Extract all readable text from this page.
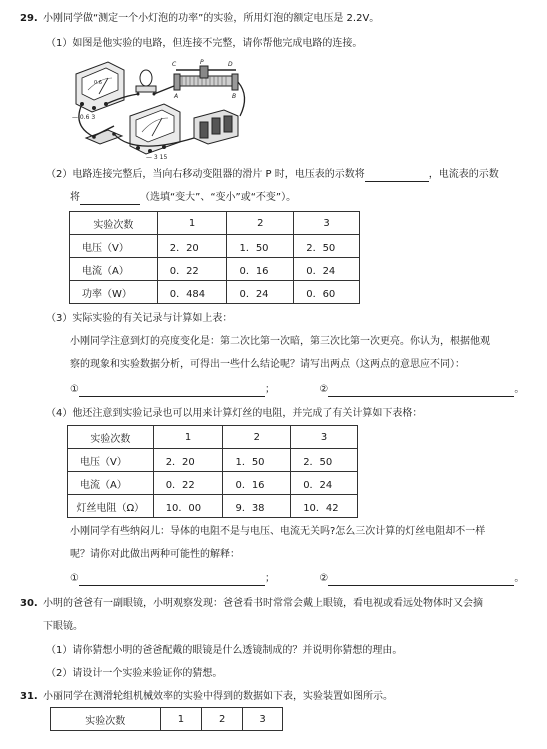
29. 小刚同学做“测定一个小灯泡的功率”的实验，所用灯泡的额定电压是 2.2V。
（1）如图是他实验的电路，但连接不完整，请你帮他完成电路的连接。
0.6
— 0.6 3
C	P	D
A	B
— 3 15
（2）电路连接完整后，当向右移动变阻器的滑片 P 时，电压表的示数将	，电流表的示数
将	（选填“变大”、“变小”或“不变”）。
实验次数	1	2	3
电压（V）	2．20	1．50	2．50
电流（A）	0．22	0．16	0．24
功率（W）	0．484	0．24	0．60
（3）实际实验的有关记录与计算如上表：
小刚同学注意到灯的亮度变化是：第二次比第一次暗，第三次比第一次更亮。你认为，根据他观
察的现象和实验数据分析，可得出一些什么结论呢？请写出两点（这两点的意思应不同）：
①	；	②	。
（4）他还注意到实验记录也可以用来计算灯丝的电阻，并完成了有关计算如下表格：
实验次数	1	2	3
电压（V）	2．20	1．50	2．50
电流（A）	0．22	0．16	0．24
灯丝电阻（Ω）	10．00	9．38	10．42
小刚同学有些纳闷儿：导体的电阻不是与电压、电流无关吗?怎么三次计算的灯丝电阻却不一样
呢？请你对此做出两种可能性的解释：
①	；	②	。
30. 小明的爸爸有一副眼镜，小明观察发现：爸爸看书时常常会戴上眼镜，看电视或看远处物体时又会摘
下眼镜。
（1）请你猜想小明的爸爸配戴的眼镜是什么透镜制成的？并说明你猜想的理由。
（2）请设计一个实验来验证你的猜想。
31. 小丽同学在测滑轮组机械效率的实验中得到的数据如下表，实验装置如图所示。
实验次数	1	2	3
